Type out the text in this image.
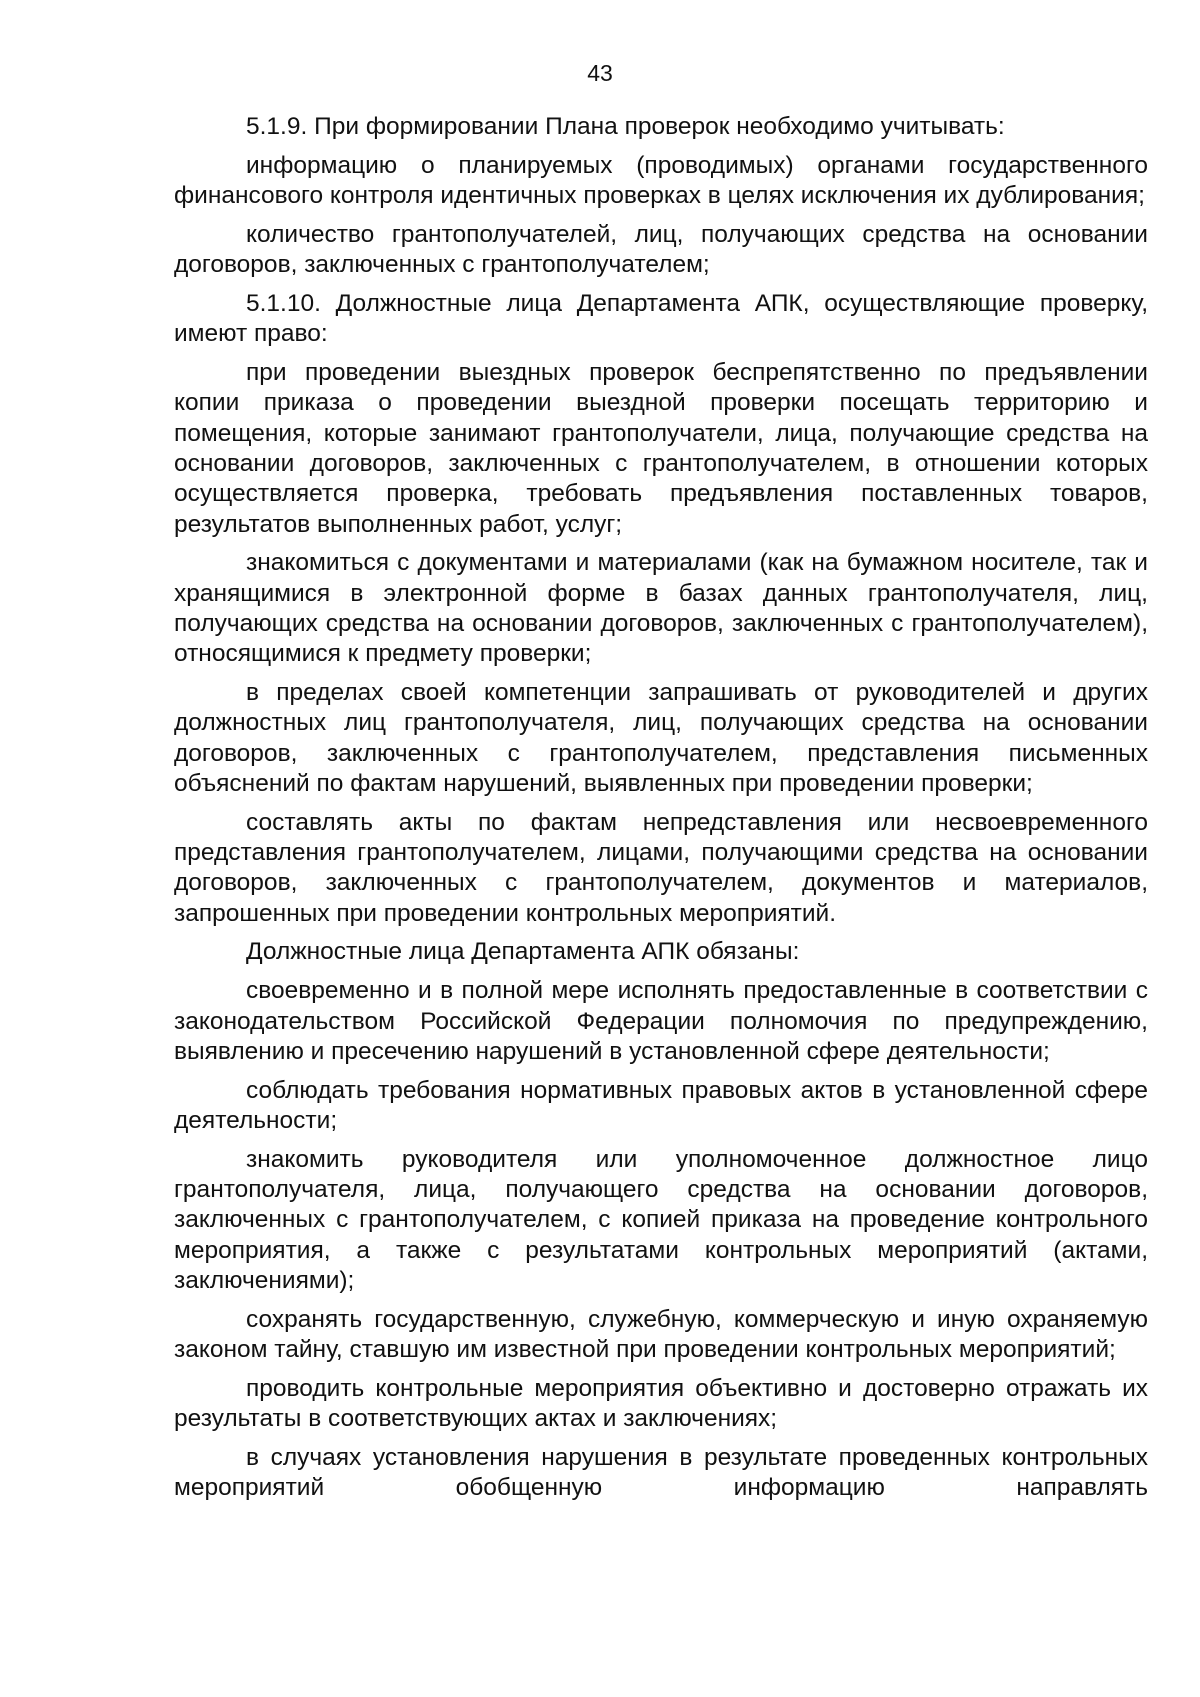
43

5.1.9. При формировании Плана проверок необходимо учитывать:

информацию о планируемых (проводимых) органами государственного финансового контроля идентичных проверках в целях исключения их дублирования;

количество грантополучателей, лиц, получающих средства на основании договоров, заключенных с грантополучателем;

5.1.10. Должностные лица Департамента АПК, осуществляющие проверку, имеют право:

при проведении выездных проверок беспрепятственно по предъявлении копии приказа о проведении выездной проверки посещать территорию и помещения, которые занимают грантополучатели, лица, получающие средства на основании договоров, заключенных с грантополучателем, в отношении которых осуществляется проверка, требовать предъявления поставленных товаров, результатов выполненных работ, услуг;

знакомиться с документами и материалами (как на бумажном носителе, так и хранящимися в электронной форме в базах данных грантополучателя, лиц, получающих средства на основании договоров, заключенных с грантополучателем), относящимися к предмету проверки;

в пределах своей компетенции запрашивать от руководителей и других должностных лиц грантополучателя, лиц, получающих средства на основании договоров, заключенных с грантополучателем, представления письменных объяснений по фактам нарушений, выявленных при проведении проверки;

составлять акты по фактам непредставления или несвоевременного представления грантополучателем, лицами, получающими средства на основании договоров, заключенных с грантополучателем, документов и материалов, запрошенных при проведении контрольных мероприятий.

Должностные лица Департамента АПК обязаны:

своевременно и в полной мере исполнять предоставленные в соответствии с законодательством Российской Федерации полномочия по предупреждению, выявлению и пресечению нарушений в установленной сфере деятельности;

соблюдать требования нормативных правовых актов в установленной сфере деятельности;

знакомить руководителя или уполномоченное должностное лицо грантополучателя, лица, получающего средства на основании договоров, заключенных с грантополучателем, с копией приказа на проведение контрольного мероприятия, а также с результатами контрольных мероприятий (актами, заключениями);

сохранять государственную, служебную, коммерческую и иную охраняемую законом тайну, ставшую им известной при проведении контрольных мероприятий;

проводить контрольные мероприятия объективно и достоверно отражать их результаты в соответствующих актах и заключениях;

в случаях установления нарушения в результате проведенных контрольных мероприятий обобщенную информацию направлять
